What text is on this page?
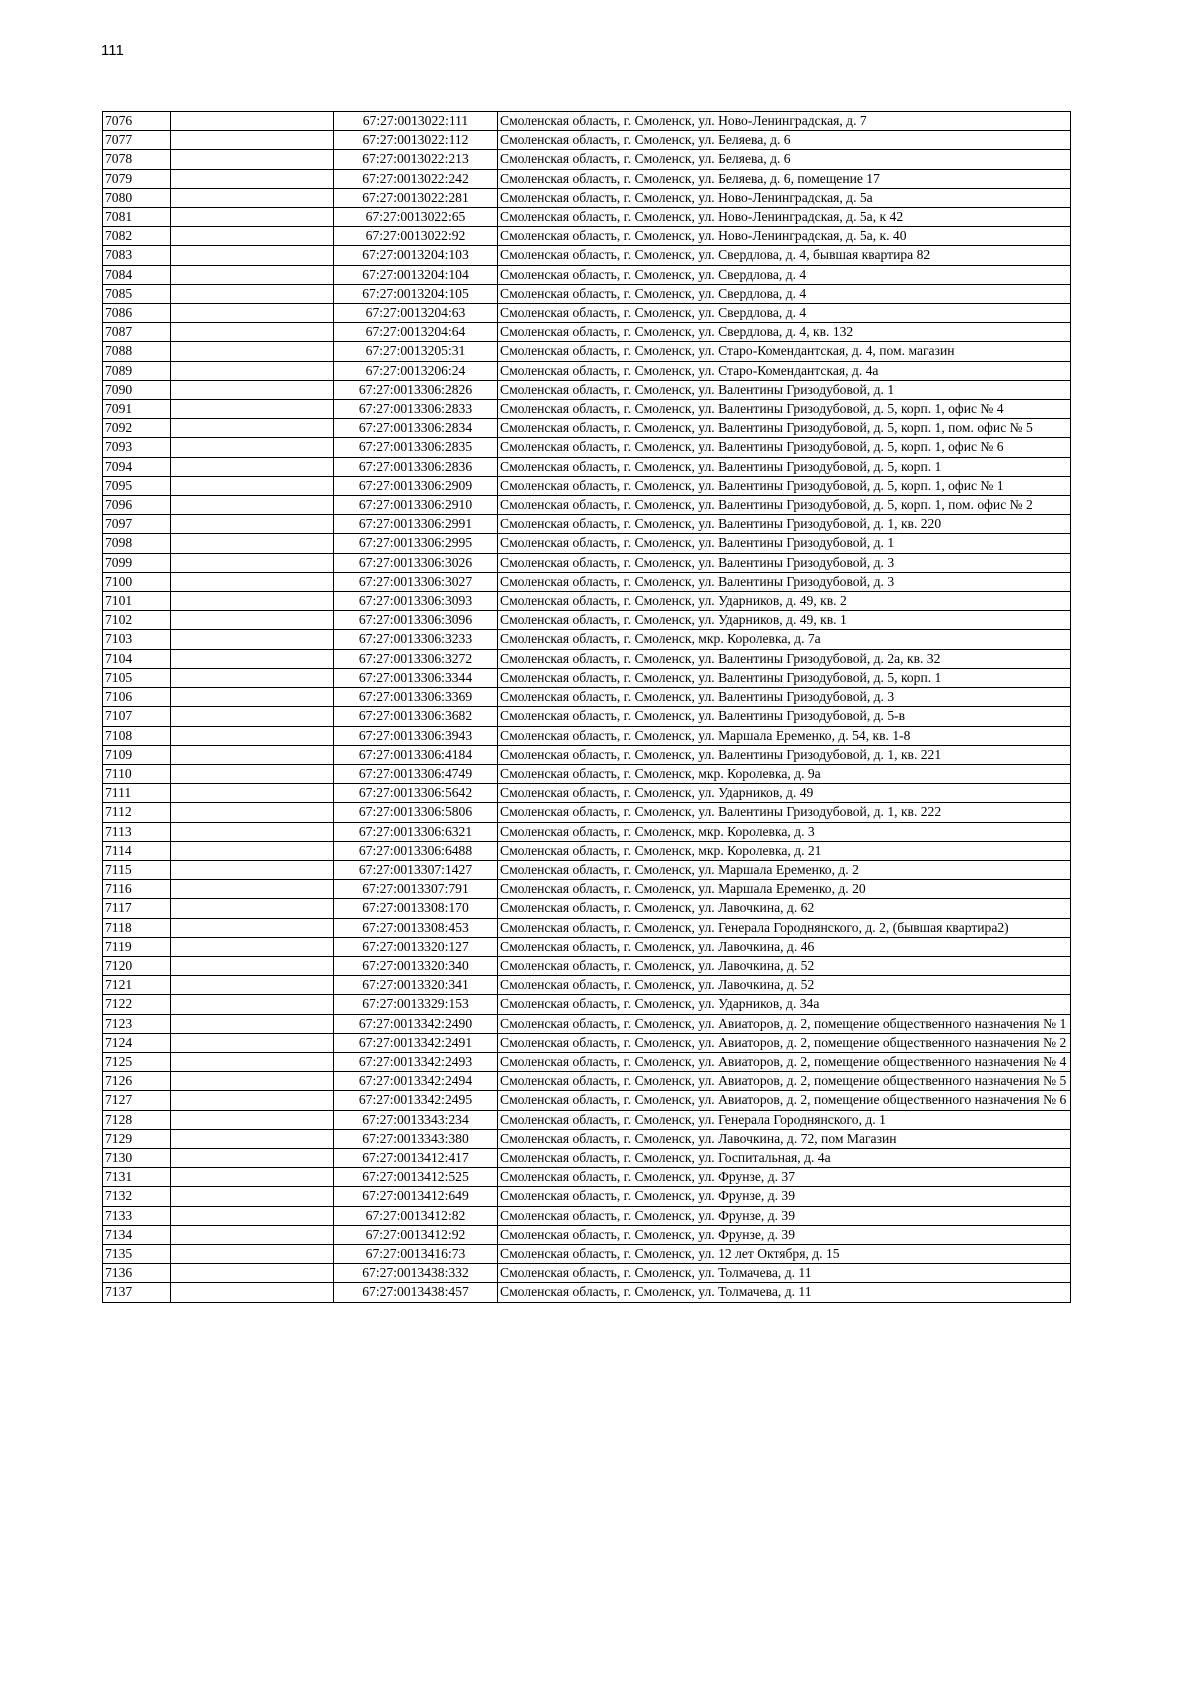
111
7076		67:27:0013022:111	Смоленская область, г. Смоленск, ул. Ново-Ленинградская, д. 7
7077		67:27:0013022:112	Смоленская область, г. Смоленск, ул. Беляева, д. 6
7078		67:27:0013022:213	Смоленская область, г. Смоленск, ул. Беляева, д. 6
7079		67:27:0013022:242	Смоленская область, г. Смоленск, ул. Беляева, д. 6, помещение 17
7080		67:27:0013022:281	Смоленская область, г. Смоленск, ул. Ново-Ленинградская, д. 5а
7081		67:27:0013022:65	Смоленская область, г. Смоленск, ул. Ново-Ленинградская, д. 5а, к 42
7082		67:27:0013022:92	Смоленская область, г. Смоленск, ул. Ново-Ленинградская, д. 5а, к. 40
7083		67:27:0013204:103	Смоленская область, г. Смоленск, ул. Свердлова, д. 4, бывшая квартира 82
7084		67:27:0013204:104	Смоленская область, г. Смоленск, ул. Свердлова, д. 4
7085		67:27:0013204:105	Смоленская область, г. Смоленск, ул. Свердлова, д. 4
7086		67:27:0013204:63	Смоленская область, г. Смоленск, ул. Свердлова, д. 4
7087		67:27:0013204:64	Смоленская область, г. Смоленск, ул. Свердлова, д. 4, кв. 132
7088		67:27:0013205:31	Смоленская область, г. Смоленск, ул. Старо-Комендантская, д. 4, пом. магазин
7089		67:27:0013206:24	Смоленская область, г. Смоленск, ул. Старо-Комендантская, д. 4а
7090		67:27:0013306:2826	Смоленская область, г. Смоленск, ул. Валентины Гризодубовой, д. 1
7091		67:27:0013306:2833	Смоленская область, г. Смоленск, ул. Валентины Гризодубовой, д. 5, корп. 1, офис № 4
7092		67:27:0013306:2834	Смоленская область, г. Смоленск, ул. Валентины Гризодубовой, д. 5, корп. 1, пом. офис № 5
7093		67:27:0013306:2835	Смоленская область, г. Смоленск, ул. Валентины Гризодубовой, д. 5, корп. 1, офис № 6
7094		67:27:0013306:2836	Смоленская область, г. Смоленск, ул. Валентины Гризодубовой, д. 5, корп. 1
7095		67:27:0013306:2909	Смоленская область, г. Смоленск, ул. Валентины Гризодубовой, д. 5, корп. 1, офис № 1
7096		67:27:0013306:2910	Смоленская область, г. Смоленск, ул. Валентины Гризодубовой, д. 5, корп. 1, пом. офис № 2
7097		67:27:0013306:2991	Смоленская область, г. Смоленск, ул. Валентины Гризодубовой, д. 1, кв. 220
7098		67:27:0013306:2995	Смоленская область, г. Смоленск, ул. Валентины Гризодубовой, д. 1
7099		67:27:0013306:3026	Смоленская область, г. Смоленск, ул. Валентины Гризодубовой, д. 3
7100		67:27:0013306:3027	Смоленская область, г. Смоленск, ул. Валентины Гризодубовой, д. 3
7101		67:27:0013306:3093	Смоленская область, г. Смоленск, ул. Ударников, д. 49, кв. 2
7102		67:27:0013306:3096	Смоленская область, г. Смоленск, ул. Ударников, д. 49, кв. 1
7103		67:27:0013306:3233	Смоленская область, г. Смоленск, мкр. Королевка, д. 7а
7104		67:27:0013306:3272	Смоленская область, г. Смоленск, ул. Валентины Гризодубовой, д. 2а, кв. 32
7105		67:27:0013306:3344	Смоленская область, г. Смоленск, ул. Валентины Гризодубовой, д. 5, корп. 1
7106		67:27:0013306:3369	Смоленская область, г. Смоленск, ул. Валентины Гризодубовой, д. 3
7107		67:27:0013306:3682	Смоленская область, г. Смоленск, ул. Валентины Гризодубовой, д. 5-в
7108		67:27:0013306:3943	Смоленская область, г. Смоленск, ул. Маршала Еременко, д. 54, кв. 1-8
7109		67:27:0013306:4184	Смоленская область, г. Смоленск, ул. Валентины Гризодубовой, д. 1, кв. 221
7110		67:27:0013306:4749	Смоленская область, г. Смоленск, мкр. Королевка, д. 9а
7111		67:27:0013306:5642	Смоленская область, г. Смоленск, ул. Ударников, д. 49
7112		67:27:0013306:5806	Смоленская область, г. Смоленск, ул. Валентины Гризодубовой, д. 1, кв. 222
7113		67:27:0013306:6321	Смоленская область, г. Смоленск, мкр. Королевка, д. 3
7114		67:27:0013306:6488	Смоленская область, г. Смоленск, мкр. Королевка, д. 21
7115		67:27:0013307:1427	Смоленская область, г. Смоленск, ул. Маршала Еременко, д. 2
7116		67:27:0013307:791	Смоленская область, г. Смоленск, ул. Маршала Еременко, д. 20
7117		67:27:0013308:170	Смоленская область, г. Смоленск, ул. Лавочкина, д. 62
7118		67:27:0013308:453	Смоленская область, г. Смоленск, ул. Генерала Городнянского, д. 2, (бывшая квартира2)
7119		67:27:0013320:127	Смоленская область, г. Смоленск, ул. Лавочкина, д. 46
7120		67:27:0013320:340	Смоленская область, г. Смоленск, ул. Лавочкина, д. 52
7121		67:27:0013320:341	Смоленская область, г. Смоленск, ул. Лавочкина, д. 52
7122		67:27:0013329:153	Смоленская область, г. Смоленск, ул. Ударников, д. 34а
7123		67:27:0013342:2490	Смоленская область, г. Смоленск, ул. Авиаторов, д. 2, помещение общественного назначения № 1
7124		67:27:0013342:2491	Смоленская область, г. Смоленск, ул. Авиаторов, д. 2, помещение общественного назначения № 2
7125		67:27:0013342:2493	Смоленская область, г. Смоленск, ул. Авиаторов, д. 2, помещение общественного назначения № 4
7126		67:27:0013342:2494	Смоленская область, г. Смоленск, ул. Авиаторов, д. 2, помещение общественного назначения № 5
7127		67:27:0013342:2495	Смоленская область, г. Смоленск, ул. Авиаторов, д. 2, помещение общественного назначения № 6
7128		67:27:0013343:234	Смоленская область, г. Смоленск, ул. Генерала Городнянского, д. 1
7129		67:27:0013343:380	Смоленская область, г. Смоленск, ул. Лавочкина, д. 72, пом Магазин
7130		67:27:0013412:417	Смоленская область, г. Смоленск, ул. Госпитальная, д. 4а
7131		67:27:0013412:525	Смоленская область, г. Смоленск, ул. Фрунзе, д. 37
7132		67:27:0013412:649	Смоленская область, г. Смоленск, ул. Фрунзе, д. 39
7133		67:27:0013412:82	Смоленская область, г. Смоленск, ул. Фрунзе, д. 39
7134		67:27:0013412:92	Смоленская область, г. Смоленск, ул. Фрунзе, д. 39
7135		67:27:0013416:73	Смоленская область, г. Смоленск, ул. 12 лет Октября, д. 15
7136		67:27:0013438:332	Смоленская область, г. Смоленск, ул. Толмачева, д. 11
7137		67:27:0013438:457	Смоленская область, г. Смоленск, ул. Толмачева, д. 11
